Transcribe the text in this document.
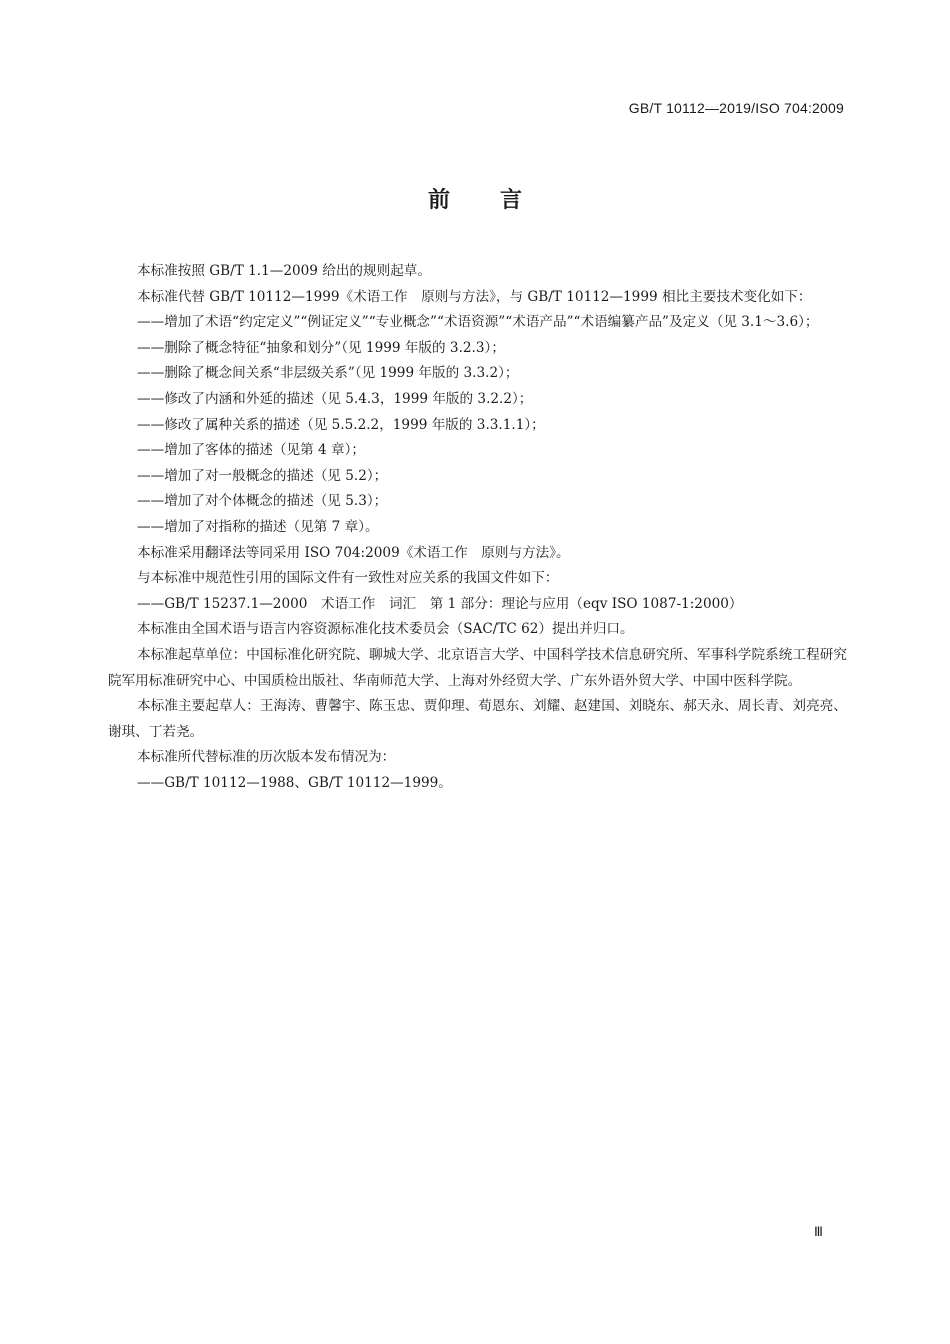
GB/T 10112—2019/ISO 704:2009
前言

本标准按照 GB/T 1.1—2009 给出的规则起草。

本标准代替 GB/T 10112—1999《术语工作　原则与方法》，与 GB/T 10112—1999 相比主要技术变化如下：

——增加了术语“约定定义”“例证定义”“专业概念”“术语资源”“术语产品”“术语编纂产品”及定义（见 3.1～3.6）；

——删除了概念特征“抽象和划分”（见 1999 年版的 3.2.3）；

——删除了概念间关系“非层级关系”（见 1999 年版的 3.3.2）；

——修改了内涵和外延的描述（见 5.4.3，1999 年版的 3.2.2）；

——修改了属种关系的描述（见 5.5.2.2，1999 年版的 3.3.1.1）；

——增加了客体的描述（见第 4 章）；

——增加了对一般概念的描述（见 5.2）；

——增加了对个体概念的描述（见 5.3）；

——增加了对指称的描述（见第 7 章）。

本标准采用翻译法等同采用 ISO 704:2009《术语工作　原则与方法》。

与本标准中规范性引用的国际文件有一致性对应关系的我国文件如下：

——GB/T 15237.1—2000　术语工作　词汇　第 1 部分：理论与应用（eqv ISO 1087-1:2000）

本标准由全国术语与语言内容资源标准化技术委员会（SAC/TC 62）提出并归口。

本标准起草单位：中国标准化研究院、聊城大学、北京语言大学、中国科学技术信息研究所、军事科学院系统工程研究院军用标准研究中心、中国质检出版社、华南师范大学、上海对外经贸大学、广东外语外贸大学、中国中医科学院。

本标准主要起草人：王海涛、曹馨宇、陈玉忠、贾仰理、荀恩东、刘耀、赵建国、刘晓东、郝天永、周长青、刘亮亮、谢琪、丁若尧。

本标准所代替标准的历次版本发布情况为：

——GB/T 10112—1988、GB/T 10112—1999。

Ⅲ
